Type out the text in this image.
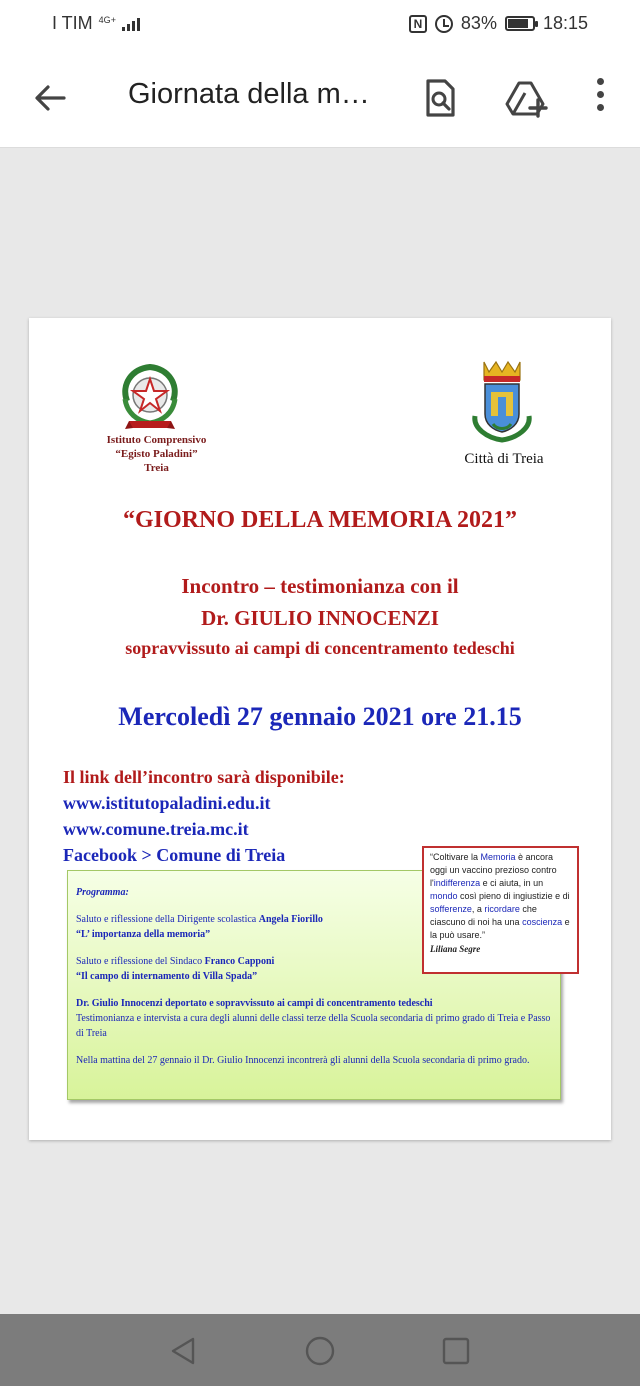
I TIM 4G+	N 83%	18:15
Giornata della m…
Istituto Comprensivo
“Egisto Paladini”
Treia
Città di Treia
“GIORNO DELLA MEMORIA 2021”
Incontro – testimonianza con il
Dr. GIULIO INNOCENZI
sopravvissuto ai campi di concentramento tedeschi
Mercoledì 27 gennaio 2021 ore 21.15
Il link dell’incontro sarà disponibile:
www.istitutopaladini.edu.it
www.comune.treia.mc.it
Facebook > Comune di Treia
Programma:
Saluto e riflessione della Dirigente scolastica Angela Fiorillo
“L’ importanza della memoria”
Saluto e riflessione del Sindaco Franco Capponi
“Il campo di internamento di Villa Spada”
Dr. Giulio Innocenzi deportato e sopravvissuto ai campi di concentramento tedeschi
Testimonianza e intervista a cura degli alunni delle classi terze della Scuola secondaria di primo grado di Treia e Passo di Treia
Nella mattina del 27 gennaio il Dr. Giulio Innocenzi incontrerà gli alunni della Scuola secondaria di primo grado.
“Coltivare la Memoria è ancora oggi un vaccino prezioso contro l'indifferenza e ci aiuta, in un mondo così pieno di ingiustizie e di sofferenze, a ricordare che ciascuno di noi ha una coscienza e la può usare.”
Liliana Segre
